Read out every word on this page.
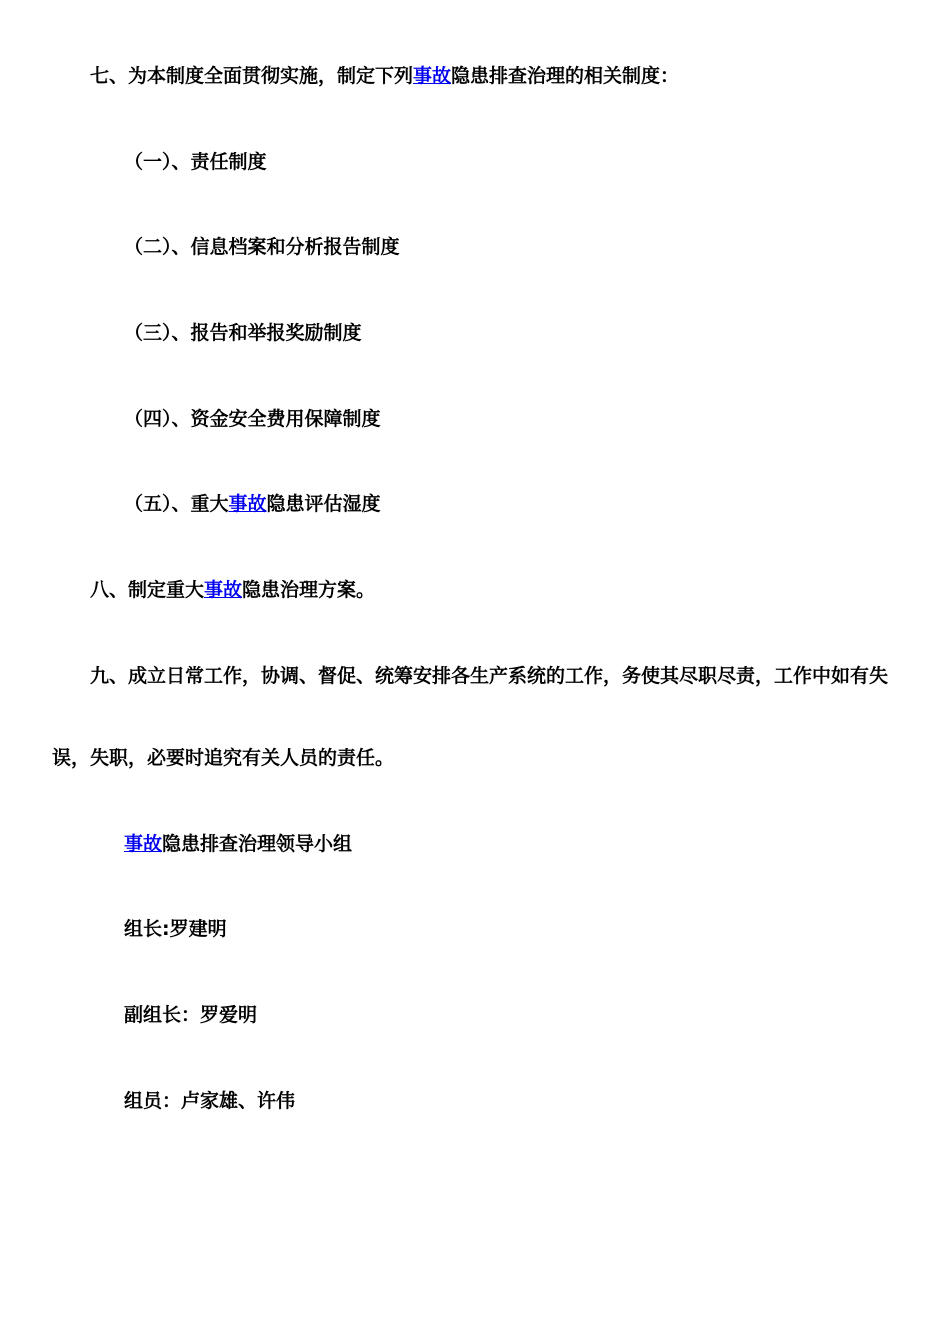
七、为本制度全面贯彻实施，制定下列事故隐患排查治理的相关制度：

（一）、责任制度

（二）、信息档案和分析报告制度

（三）、报告和举报奖励制度

（四）、资金安全费用保障制度

（五）、重大事故隐患评估湿度

八、制定重大事故隐患治理方案。

九、成立日常工作，协调、督促、统筹安排各生产系统的工作，务使其尽职尽责，工作中如有失

误，失职，必要时追究有关人员的责任。

事故隐患排查治理领导小组

组长:罗建明

副组长：罗爱明

组员：卢家雄、许伟
